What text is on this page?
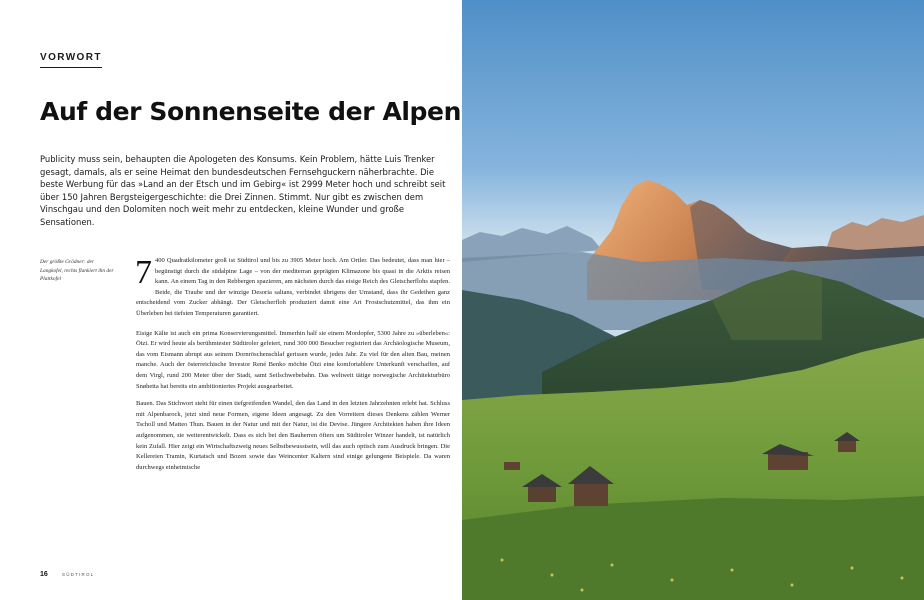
VORWORT
Auf der Sonnenseite der Alpen

Publicity muss sein, behaupten die Apologeten des Konsums. Kein Problem, hätte Luis Trenker gesagt, damals, als er seine Heimat den bundesdeutschen Fernsehguckern näherbrachte. Die beste Werbung für das »Land an der Etsch und im Gebirg« ist 2999 Meter hoch und schreibt seit über 150 Jahren Bergsteigergeschichte: die Drei Zinnen. Stimmt. Nur gibt es zwischen dem Vinschgau und den Dolomiten noch weit mehr zu entdecken, kleine Wunder und große Sensationen.

Der größte Grödner: der Langkofel, rechts flankiert ihn der Plattkofel	7 400 Quadratkilometer groß ist Südtirol und bis zu 3905 Meter hoch. Am Ortler. Das bedeutet, dass man hier – begünstigt durch die südalpine Lage – von der mediterran geprägten Klimazone bis quasi in die Arktis reisen kann. An einem Tag in den Rebbergen spazieren, am nächsten durch das eisige Reich des Gletscherflohs stapfen. Beide, die Traube und der winzige Desoria saltans, verbindet übrigens der Umstand, dass ihr Gedeihen ganz entscheidend vom Zucker abhängt. Der Gletscherfloh produziert damit eine Art Frostschutzmittel, das ihm ein Überleben bei tiefsten Temperaturen garantiert.

Eisige Kälte ist auch ein prima Konservierungsmittel. Immerhin half sie einem Mordopfer, 5300 Jahre zu »überleben«: Ötzi. Er wird heute als berühmtester Südtiroler gefeiert, rund 300 000 Besucher registriert das Archäologische Museum, das vom Eismann abrupt aus seinem Dornröschenschlaf gerissen wurde, jedes Jahr. Zu viel für den alten Bau, meinen manche. Auch der österreichische Investor René Benko möchte Ötzi eine komfortablere Unterkunft verschaffen, auf dem Virgl, rund 200 Meter über der Stadt, samt Seilschwebebahn. Das weltweit tätige norwegische Architekturbüro Snøhetta hat bereits ein ambitioniertes Projekt ausgearbeitet.

Bauen. Das Stichwort steht für einen tiefgreifenden Wandel, den das Land in den letzten Jahrzehnten erlebt hat. Schluss mit Alpenbarock, jetzt sind neue Formen, eigene Ideen angesagt. Zu den Vorreitern dieses Denkens zählen Werner Tscholl und Matteo Thun. Bauen in der Natur und mit der Natur, ist die Devise. Jüngere Architekten haben ihre Ideen aufgenommen, sie weiterentwickelt. Dass es sich bei den Bauherren öfters um Südtiroler Winzer handelt, ist natürlich kein Zufall. Hier zeigt ein Wirtschaftszweig neues Selbstbewusstsein, will das auch optisch zum Ausdruck bringen. Die Kellereien Tramin, Kurtatsch und Bozen sowie das Weincenter Kaltern sind einige gelungene Beispiele. Da waren durchwegs einheimische

16	SÜDTIROL
